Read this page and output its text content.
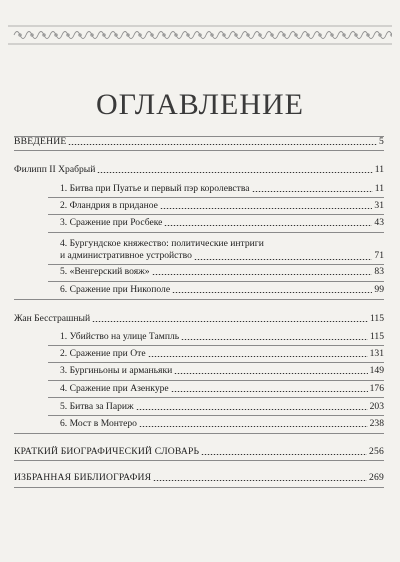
ОГЛАВЛЕНИЕ
ВВЕДЕНИЕ	5
Филипп II Храбрый	11
1. Битва при Пуатье и первый пэр королевства	11
2. Фландрия в приданое	31
3. Сражение при Росбеке	43
4. Бургундское княжество: политические интриги
и административное устройство	71
5. «Венгерский вояж»	83
6. Сражение при Никополе	99
Жан Бесстрашный	115
1. Убийство на улице Тампль	115
2. Сражение при Оте	131
3. Бургиньоны и арманьяки	149
4. Сражение при Азенкуре	176
5. Битва за Париж	203
6. Мост в Монтеро	238
КРАТКИЙ БИОГРАФИЧЕСКИЙ СЛОВАРЬ	256
ИЗБРАННАЯ БИБЛИОГРАФИЯ	269
